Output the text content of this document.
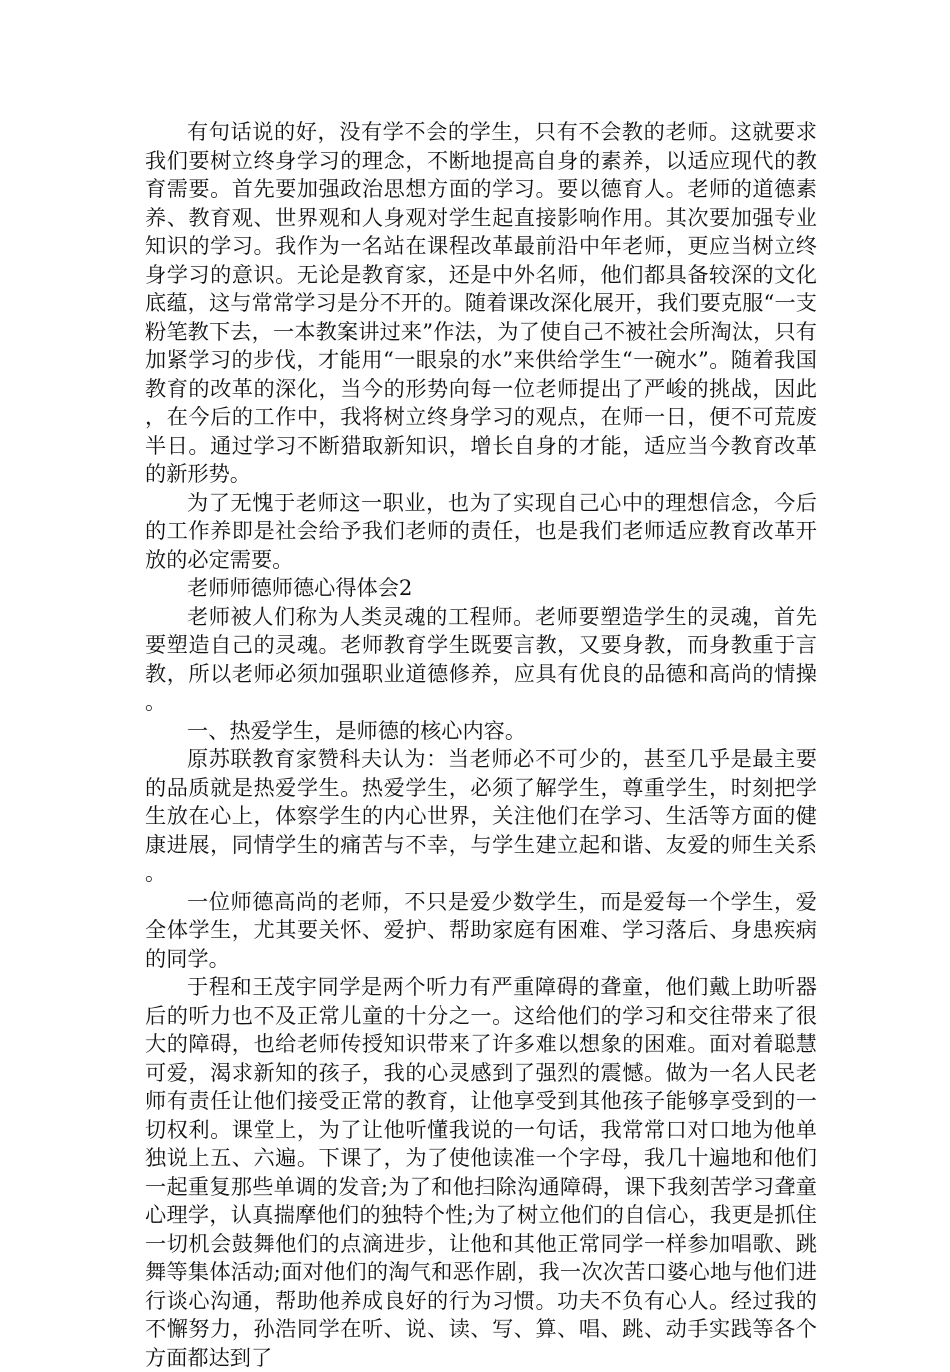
有句话说的好，没有学不会的学生，只有不会教的老师。这就要求我们要树立终身学习的理念，不断地提高自身的素养，以适应现代的教育需要。首先要加强政治思想方面的学习。要以德育人。老师的道德素养、教育观、世界观和人身观对学生起直接影响作用。其次要加强专业知识的学习。我作为一名站在课程改革最前沿中年老师，更应当树立终身学习的意识。无论是教育家，还是中外名师，他们都具备较深的文化底蕴，这与常常学习是分不开的。随着课改深化展开，我们要克服“一支粉笔教下去，一本教案讲过来”作法，为了使自己不被社会所淘汰，只有加紧学习的步伐，才能用“一眼泉的水”来供给学生“一碗水”。随着我国教育的改革的深化，当今的形势向每一位老师提出了严峻的挑战，因此，在今后的工作中，我将树立终身学习的观点，在师一日，便不可荒废半日。通过学习不断猎取新知识，增长自身的才能，适应当今教育改革的新形势。

为了无愧于老师这一职业，也为了实现自己心中的理想信念，今后的工作养即是社会给予我们老师的责任，也是我们老师适应教育改革开放的必定需要。

老师师德师德心得体会2

老师被人们称为人类灵魂的工程师。老师要塑造学生的灵魂，首先要塑造自己的灵魂。老师教育学生既要言教，又要身教，而身教重于言教，所以老师必须加强职业道德修养，应具有优良的品德和高尚的情操。

一、热爱学生，是师德的核心内容。

原苏联教育家赞科夫认为：当老师必不可少的，甚至几乎是最主要的品质就是热爱学生。热爱学生，必须了解学生，尊重学生，时刻把学生放在心上，体察学生的内心世界，关注他们在学习、生活等方面的健康进展，同情学生的痛苦与不幸，与学生建立起和谐、友爱的师生关系。

一位师德高尚的老师，不只是爱少数学生，而是爱每一个学生，爱全体学生，尤其要关怀、爱护、帮助家庭有困难、学习落后、身患疾病的同学。

于程和王茂宇同学是两个听力有严重障碍的聋童，他们戴上助听器后的听力也不及正常儿童的十分之一。这给他们的学习和交往带来了很大的障碍，也给老师传授知识带来了许多难以想象的困难。面对着聪慧可爱，渴求新知的孩子，我的心灵感到了强烈的震憾。做为一名人民老师有责任让他们接受正常的教育，让他享受到其他孩子能够享受到的一切权利。课堂上，为了让他听懂我说的一句话，我常常口对口地为他单独说上五、六遍。下课了，为了使他读准一个字母，我几十遍地和他们一起重复那些单调的发音;为了和他扫除沟通障碍，课下我刻苦学习聋童心理学，认真揣摩他们的独特个性;为了树立他们的自信心，我更是抓住一切机会鼓舞他们的点滴进步，让他和其他正常同学一样参加唱歌、跳舞等集体活动;面对他们的淘气和恶作剧，我一次次苦口婆心地与他们进行谈心沟通，帮助他养成良好的行为习惯。功夫不负有心人。经过我的不懈努力，孙浩同学在听、说、读、写、算、唱、跳、动手实践等各个方面都达到了
